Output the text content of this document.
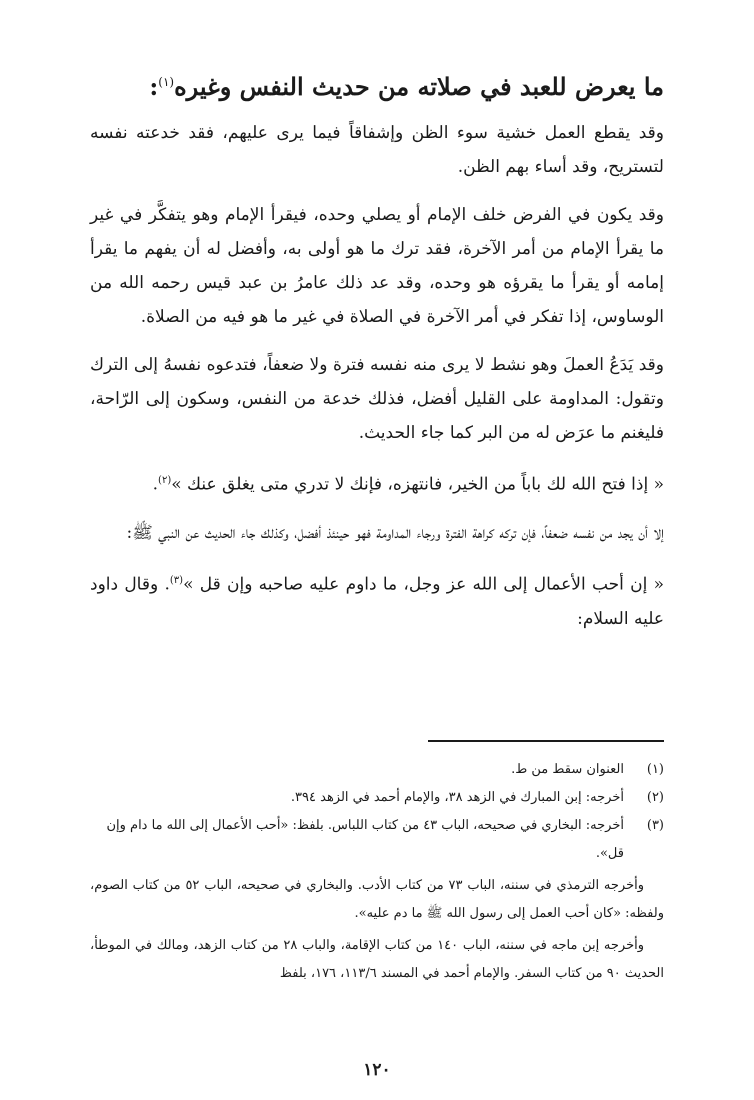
ما يعرض للعبد في صلاته من حديث النفس وغيره$^{(١)}$:

وقد يقطع العمل خشية سوء الظن وإشفاقاً فيما يرى عليهم، فقد خدعته نفسه لتستريح، وقد أساء بهم الظن.

وقد يكون في الفرض خلف الإمام أو يصلي وحده، فيقرأ الإمام وهو يتفكَّر في غير ما يقرأ الإمام من أمر الآخرة، فقد ترك ما هو أولى به، وأفضل له أن يفهم ما يقرأ إمامه أو يقرأ ما يقرؤه هو وحده، وقد عد ذلك عامرُ بن عبد قيس رحمه الله من الوساوس، إذا تفكر في أمر الآخرة في الصلاة في غير ما هو فيه من الصلاة.

وقد يَدَعُ العملَ وهو نشط لا يرى منه نفسه فترة ولا ضعفاً، فتدعوه نفسهُ إلى الترك وتقول: المداومة على القليل أفضل، فذلك خدعة من النفس، وسكون إلى الرّاحة، فليغنم ما عرَض له من البر كما جاء الحديث.

« إذا فتح الله لك باباً من الخير، فانتهزه، فإنك لا تدري متى يغلق عنك »$^{(٢)}$.

إلا أن يجد من نفسه ضعفاً، فإن تركه كراهة الفترة ورجاء المداومة فهو حينئذ أفضل، وكذلك جاء الحديث عن النبي ﷺ:

« إن أحب الأعمال إلى الله عز وجل، ما داوم عليه صاحبه وإن قل »$^{(٣)}$. وقال داود عليه السلام:

(١)
العنوان سقط من ط.
(٢)
أخرجه: إبن المبارك في الزهد ٣٨، والإمام أحمد في الزهد ٣٩٤.
(٣)
أخرجه: البخاري في صحيحه، الباب ٤٣ من كتاب اللباس. بلفظ: «أحب الأعمال إلى الله ما دام وإن قل».

وأخرجه الترمذي في سننه، الباب ٧٣ من كتاب الأدب. والبخاري في صحيحه، الباب ٥٢ من كتاب الصوم، ولفظه: «كان أحب العمل إلى رسول الله ﷺ ما دم عليه».

وأخرجه إبن ماجه في سننه، الباب ١٤٠ من كتاب الإقامة، والباب ٢٨ من كتاب الزهد، ومالك في الموطأ، الحديث ٩٠ من كتاب السفر. والإمام أحمد في المسند ١١٣/٦، ١٧٦، بلفظ

١٢٠
